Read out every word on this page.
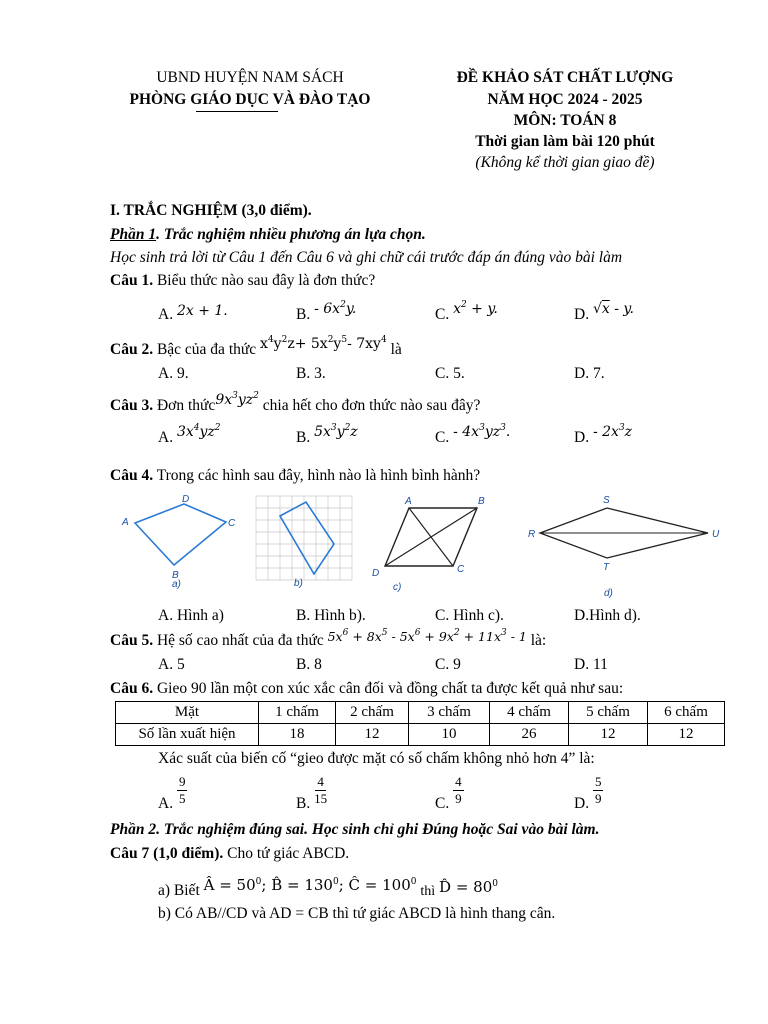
UBND HUYỆN NAM SÁCH
PHÒNG GIÁO DỤC VÀ ĐÀO TẠO
ĐỀ KHẢO SÁT CHẤT LƯỢNG
NĂM HỌC 2024 - 2025
MÔN: TOÁN 8
Thời gian làm bài 120 phút
(Không kể thời gian giao đề)
I. TRẮC NGHIỆM (3,0 điểm).
Phần 1. Trắc nghiệm nhiều phương án lựa chọn.
Học sinh trả lời từ Câu 1 đến Câu 6 và ghi chữ cái trước đáp án đúng vào bài làm
Câu 1. Biểu thức nào sau đây là đơn thức?
A. 2x + 1.	B. - $6x^2y$.	C. $x^2 + y$.	D. √x - y.
Câu 2. Bậc của đa thức $x^4y^2z+ 5x^2y^5-$ $7xy^4$ là
A. 9.	B. 3.	C. 5.	D. 7.
Câu 3. Đơn $thức9x^3yz^2$ chia hết cho đơn thức nào sau đây?
A. $3x^4yz^2$
B. $5x^3y^2z$	C. - $4x^3yz^3$.	D. - $2x^3z$
Câu 4. Trong các hình sau đây, hình nào là hình bình hành?
A
D
C
B
a)	b)
A	B
D	C
c)
R
S
U
T
d)
A. Hình a)	B. Hình b).	C. Hình c).	D.Hình d).
Câu 5. Hệ số cao nhất của đa thức $^{5x^6 + 8x^5 - 5x^6 + 9x^2 + 11x^3 - 1}$ là:
A. 5	B. 8	C. 9	D. 11
Câu 6. Gieo 90 lần một con xúc xắc cân đối và đồng chất ta được kết quả như sau:
Mặt	1 chấm	2 chấm	3 chấm	4 chấm	5 chấm	6 chấm
Số lần xuất hiện	18	12	10	26	12	12
Xác suất của biến cố “gieo được mặt có số chấm không nhỏ hơn 4” là:
A. $\frac{9}{5}$	B. $\frac{4}{15}$	C. $\frac{4}{9}$	D. $\frac{5}{9}$
Phần 2. Trắc nghiệm đúng sai. Học sinh chỉ ghi Đúng hoặc Sai vào bài làm.
Câu 7 (1,0 điểm). Cho tứ giác ABCD.
a) Biết Â = $50^0$; B̂ = $130^0$; Ĉ = $100^0$ thì D̂ = $80^0$
b) Có AB//CD và AD = CB thì tứ giác ABCD là hình thang cân.
